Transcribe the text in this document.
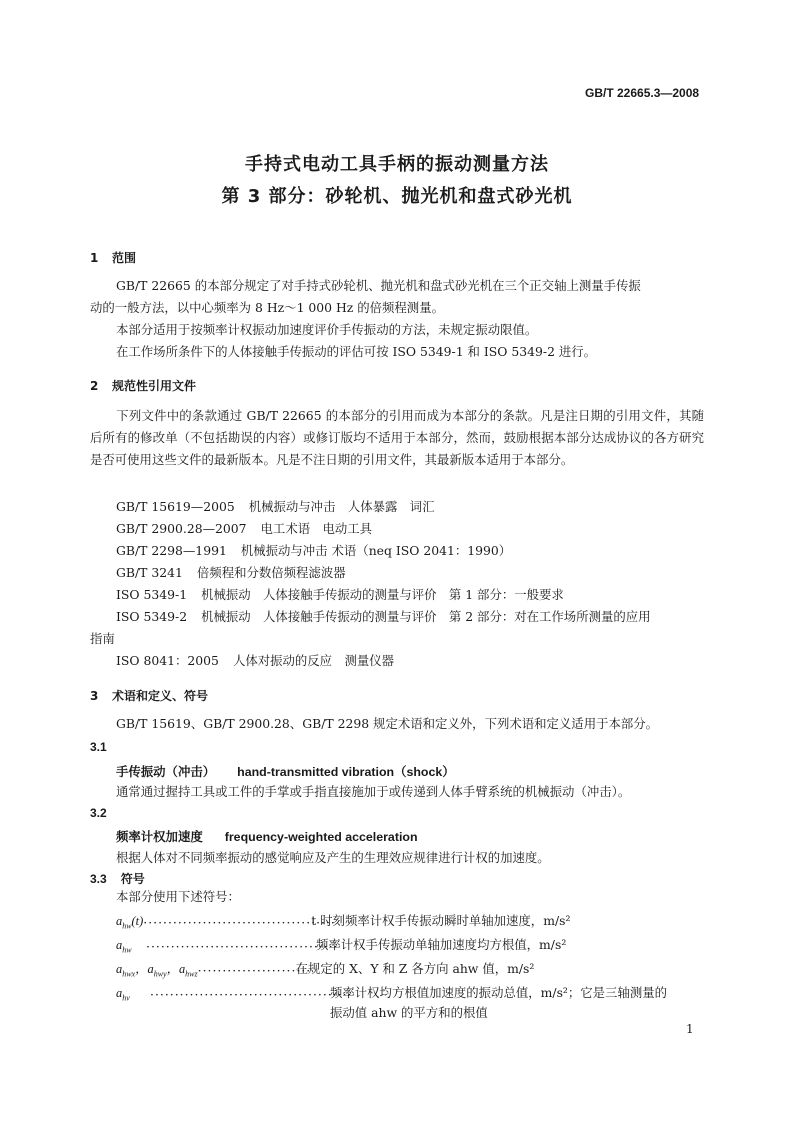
GB/T 22665.3—2008
手持式电动工具手柄的振动测量方法
第 3 部分：砂轮机、抛光机和盘式砂光机
1 范围
GB/T 22665 的本部分规定了对手持式砂轮机、抛光机和盘式砂光机在三个正交轴上测量手传振
动的一般方法，以中心频率为 8 Hz～1 000 Hz 的倍频程测量。
本部分适用于按频率计权振动加速度评价手传振动的方法，未规定振动限值。
在工作场所条件下的人体接触手传振动的评估可按 ISO 5349-1 和 ISO 5349-2 进行。
2 规范性引用文件
下列文件中的条款通过 GB/T 22665 的本部分的引用而成为本部分的条款。凡是注日期的引用文件，其随后所有的修改单（不包括勘误的内容）或修订版均不适用于本部分，然而，鼓励根据本部分达成协议的各方研究是否可使用这些文件的最新版本。凡是不注日期的引用文件，其最新版本适用于本部分。
GB/T 15619—2005 机械振动与冲击　人体暴露　词汇
GB/T 2900.28—2007 电工术语　电动工具
GB/T 2298—1991 机械振动与冲击 术语（neq ISO 2041：1990）
GB/T 3241 倍频程和分数倍频程滤波器
ISO 5349-1 机械振动　人体接触手传振动的测量与评价　第 1 部分：一般要求
ISO 5349-2 机械振动　人体接触手传振动的测量与评价　第 2 部分：对在工作场所测量的应用
指南
ISO 8041：2005 人体对振动的反应　测量仪器
3 术语和定义、符号
GB/T 15619、GB/T 2900.28、GB/T 2298 规定术语和定义外，下列术语和定义适用于本部分。
3.1
手传振动（冲击） hand-transmitted vibration（shock）
通常通过握持工具或工件的手掌或手指直接施加于或传递到人体手臂系统的机械振动（冲击）。
3.2
频率计权加速度 frequency-weighted acceleration
根据人体对不同频率振动的感觉响应及产生的生理效应规律进行计权的加速度。
3.3 符号
本部分使用下述符号：
$a_{hw}(t)\cdot\cdot\cdot\cdot\cdot\cdot\cdot\cdot\cdot\cdot\cdot\cdot\cdot\cdot\cdot\cdot\cdot\cdot\cdot\cdot\cdot\cdot\cdot\cdot\cdot\cdot\cdot\cdot\cdot\cdot\cdot\cdot\cdot\cdot\cdot\cdot\cdot\cdot\cdot t$ 时刻频率计权手传振动瞬时单轴加速度，m/s²
$a_{hw}$ ·······································频率计权手传振动单轴加速度均方根值，m/s²
$a_{hwx}$，$a_{hwy}$，$a_{hwz}\cdot\cdot\cdot\cdot\cdot\cdot\cdot\cdot\cdot\cdot\cdot\cdot\cdot\cdot\cdot\cdot\cdot\cdot\cdot\cdot\cdot\cdot\cdot$在规定的 X、Y 和 Z 各方向 ahw 值，m/s²
$a_{hv}$ ·········································频率计权均方根值加速度的振动总值，m/s²；它是三轴测量的
振动值 ahw 的平方和的根值
1
